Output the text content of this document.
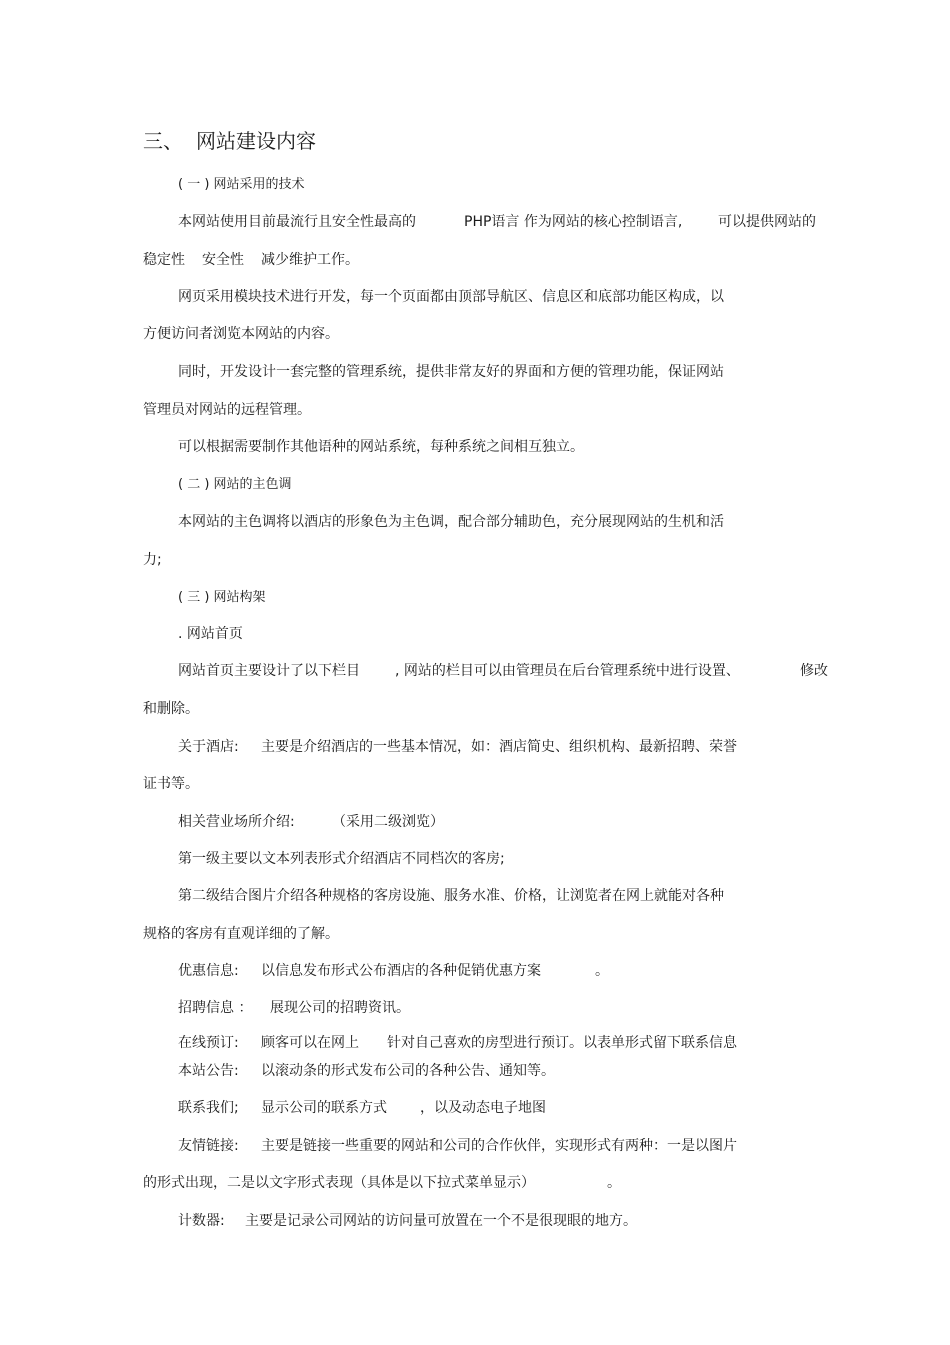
三、 网站建设内容
( 一 ) 网站采用的技术
本网站使用目前最流行且安全性最高的	PHP语言 作为网站的核心控制语言,	可以提供网站的
稳定性 安全性 减少维护工作。
网页采用模块技术进行开发，每一个页面都由顶部导航区、信息区和底部功能区构成，以
方便访问者浏览本网站的内容。
同时，开发设计一套完整的管理系统，提供非常友好的界面和方便的管理功能，保证网站
管理员对网站的远程管理。
可以根据需要制作其他语种的网站系统，每种系统之间相互独立。
( 二 ) 网站的主色调
本网站的主色调将以酒店的形象色为主色调，配合部分辅助色，充分展现网站的生机和活
力;
( 三 ) 网站构架
. 网站首页
网站首页主要设计了以下栏目	, 网站的栏目可以由管理员在后台管理系统中进行设置、	修改
和删除。
关于酒店: 主要是介绍酒店的一些基本情况，如：酒店简史、组织机构、最新招聘、荣誉
证书等。
相关营业场所介绍:	（采用二级浏览）
第一级主要以文本列表形式介绍酒店不同档次的客房;
第二级结合图片介绍各种规格的客房设施、服务水准、价格，让浏览者在网上就能对各种
规格的客房有直观详细的了解。
优惠信息: 以信息发布形式公布酒店的各种促销优惠方案	。
招聘信息 ： 展现公司的招聘资讯。
在线预订: 顾客可以在网上 针对自己喜欢的房型进行预订。以表单形式留下联系信息
本站公告: 以滚动条的形式发布公司的各种公告、通知等。
联系我们; 显示公司的联系方式 ，以及动态电子地图
友情链接: 主要是链接一些重要的网站和公司的合作伙伴，实现形式有两种：一是以图片
的形式出现，二是以文字形式表现（具体是以下拉式菜单显示）	。
计数器: 主要是记录公司网站的访问量可放置在一个不是很现眼的地方。
